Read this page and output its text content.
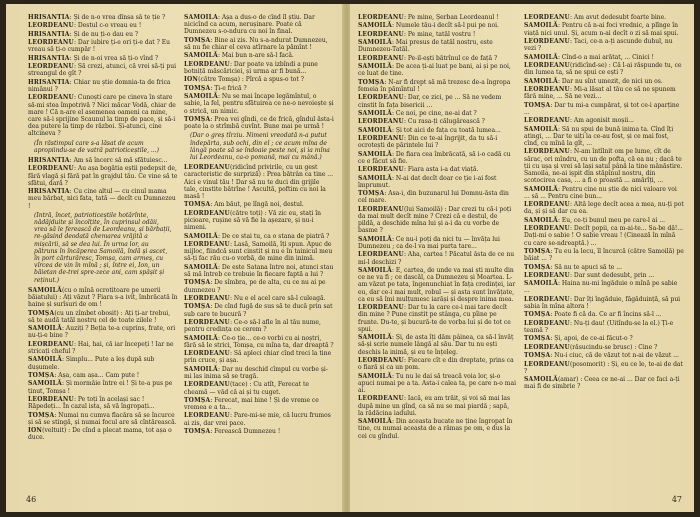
HRISANTIA: Și de n-o vrea dînsa să te ție ?

LEORDEANU: Destul c-o vreau eu !

HRISANTIA: Și de nu ți-o dau eu ?

LEORDEANU: Dar iubire ți-e ori ți-e dat ? Eu vreau să ți-o cumpăr !

HRISANTIA: Și de n-oi vrea să ți-o vînd ?

LEORDEANU: Să crezi, atunci, că vrei să-ți pui streangul de gît ?

HRISANTIA: Chiar nu știe domnia-ta de frica nimănui ?

LEORDEANU: Cunoști care pe cineva în stare să-mi stea împotrivă ? Nici măcar Vodă, chiar de mare ! Că n-are el asemenea oameni ca mine, care să-i sprijine Scaunul la timp de pace, și să-i dea putere la timp de război. Și-atunci, cine altcineva ?

(În răstimpul care s-a lăsat de acum apropiindu-se de vatră patrioticeștile, ...)

HRISANTIA: Am să încerc să mă sfătuiesc...

LEORDEANU: Au așa bogătia eștii pedepsit de, fără vlagă și fără pat în grajdul tău. Ce vine să te sfătui, dară ?

HRISANTIA: Cu cine altul — cu cinul mama meu bărbat, nici fata, tată — decît cu Dumnezeu !

(Intră, încet, patrioticeștile hotărînte, nădăjduite și încolțite, în cuprinsul odăii, vrea să le ferească de Leordeanu, și bărbații, re-găsind deodată chemarea vrăjită a mișcării, să se dea lui. În urma lor, au pătruns în încăperea Samoilă, îndă și ascet, în port cărturăresc, Tomșa, cam armeș, cu vîrcea de vin în mînă ; și, între ei, Ion, un băietan de-trei spre-zece ani, cam spășit și reținut.)

SAMOILĂ(cu o mînă ocrotitoare pe umerii băiatului) : Ați văzut ? Fiara s-a ivit, îmbrăcată în haine și surîsuri de om !

TOMȘA(cu un zîmbet obosit) : Ați ți-ar trebui, să te audă tatăl nostru cel de toate zilele !

SAMOILĂ: Auziți ? Beția te-a cuprins, frate, ori nu-ți-e bine ?

LEORDEANU: Hai, hai, că iar începeți ! Iar ne stricați cheful ?

SAMOILĂ: Simplu... Pute a leș după sub dușumele.

TOMȘA: Așa, cam așa... Cam pute !

SAMOILĂ: Și mormăie între ei ! Și te-a pus pe ținut, Tomșa !

LEORDEANU: Pe toți în același sac ! Răpedeți... În cazul ista, să vă îngropați...

TOMȘA: Numai nu cumva flacăra să se încurce și să se stingă, și numai focul are să cîntărească.

ION(veltuit) : De cînd a plecat mama, tot așa o duce.

SAMOILĂ: Așa a dus-o de cînd îl știu. Dar nicicînd ca acum, nerușinare. Poate că Dumnezeu s-o-ndura cu noi în final.

TOMȘA: Bine ai zis. Nu s-a-ndurat Dumnezeu, să nu fie chiar el ceva atîrnare la pămînt !

SAMOILĂ: Mai bun n-are să-l facă.

LEORDEANU: Dar poate va izbîndi a pune botniță măscăriciei, și urma ar fi bună...

ION(către Tomșa) : Pîrcă a spus-o tot ?

TOMȘA: Ți-e frică ?

SAMOILĂ: Nu se mai încape legămîntul, o sabie, la fel, pentru sfătuirea ce ne-o nevoiește și o strică, un nimic.

TOMȘA: Prea vei gîndi, ce de frică, gîndul ăsta-i poate la o strîmbă cuvînt. Bune mai pe urmă !

(Dar o greș tîrziu. Nimeni vreodată n-a putut îndepărta, sub ochi, din el ; ce acum mîna de lângă poate să se îndoaie peste noi, și ia mîna lui Leordeanu, ca-o pomană, mai cu mână.)

LEORDEANU(ridicînd privirile, cu un gest caracteristic de surpriză) : Prea bătrân ca tine ... Aici e vinul tău ! Dar să nu te duci din grijile tale, cinstite bătrîne ! Ascultă, poftim cu noi la masă !

TOMȘA: Am băut, pe lîngă noi, destul.

LEORDEANU(către toți) : Vă zic eu, stați în picioare, rușine să vă fie la așezare, și nu-i nimeni.

SAMOILĂ: De ce stai tu, ca o stana de piatră ?

LEORDEANU: Lasă, Samoilă, îți spun. Apuc de mijloc, fiindcă sunt cinstit și nu e în tainicul meu să-ți fac rău cu-o vorbă, de mine din inimă.

SAMOILĂ: De este Satana între noi, atunci stau să mă întreb ce trebuie în fiecare faptă a lui ?

TOMȘA: De sîmbra, pe de alta, cu ce nu ai pe dumnezeu ?

LEORDEANU: Nu e el acel care să-l culeagă.

TOMȘA: De cînd fugă de sus să te ducă prin sat sub care te bucură ?

LEORDEANU: Ce-o să-l afle în al tău nume, pentru credința ce cerem ?

SAMOILĂ: Ce-o ție... ce-o vorbi cu ai noștri, fără să le strici, Tomșa, cu mîna ta, dar dreaptă ?

LEORDEANU: Să apleci chiar cînd treci la tine prin cruce, și așa.

SAMOILĂ: Dar nu deschid cîmpul cu vorbe și-mi las inima să se tragă.

LEORDEANU(tace) : Cu atît, Ferecat te cheamă — văd că ai și tu cuget.

TOMȘA: Ferecat, mai bine ! Și de vreme ce vremea e a ta...

LEORDEANU: Pare-mi-se mie, că lucru frumos ai zis, dar vrei pace.

TOMȘA: Ferească Dumnezeu !

46

LEORDEANU: Pe mine, Șerban Leordeanul !

SAMOILĂ: Numele tău-i decît să-l pui pe noi.

LEORDEANU: Pe mine, tatăl vostru !

SAMOILĂ: Mai presus de tatăl nostru, este Dumnezeu-Tatăl.

LEORDEANU: Pe-il-ești bătrînul ce de față ?

SAMOILĂ: De acea ți-ai luat pe bani, ai și pe noi, ce luat de tine.

TOMȘA: N-ar fi drept să mă trezesc de-a îngropa femeia în pămîntul !

LEORDEANU: Dar, ce zici, pe ... Să ne vedem cinstit în fața bisericii ...

SAMOILĂ: Ce noi, pe cine, ne-ai dat ?

LEORDEANU: Cu rasa-ți călugărească ?

SAMOILĂ: Și tot aici de fața cu toată lumea...

LEORDEANU: Din ce te-ai îngrijit, da tu să-i ocrotești de părintele lui ?

SAMOILĂ: De fiara cea îmbrăcată, să i-o cadă cu ce e făcut să fie.

LEORDEANU: Fiara asta i-a dat viață.

SAMOILĂ: N-ai dat decît doar ce ție i-ai fost împrumut.

TOMȘA: Asa-i, din buzunarul lui Domnu-ăsta din cel mare.

LEORDEANU(lui Samoilă) : Dar crezi tu că-i poți da mai mult decît mine ? Crezi că e destul, de pildă, a deschide mîna lui și a-i da cu vorbe de basme ?

SAMOILĂ: Ce nu-i poți da nici tu — învăța lui Dumnezeu ; ca de-l va mai purta tare...

LEORDEANU: Aha, cartea ! Păcatul ăsta de ce nu mi-l deschizi ?

SAMOILĂ: E, cartea, de unde va mai ști multe din ce ne va fi ; ce dascăl, ca Dumnezeu și Moartea. L-am văzut pe tata, îngenunchiat în fața credinței, iar eu, dar ce-i mai mult, robul — și asta sunt învățate, ca eu să îmi mulțumesc iarăși și despre inima mea.

LEORDEANU: Dar tu la care ce-i mai tare decît din mine ? Pune cinstit pe stânga, cu pîine pe frunte. Du-te, și bucură-te de vorba lui și de tot ce spui.

SAMOILĂ: Și, de asta îți dăm pâinea, ca să-l învăț să-și scrie numele lângă al său. Dar tu nu ești deschis la inimă, și eu te înțeleg.

LEORDEANU: Fiecare cît e din dreptate, prins ca o fiară și ca un pom.

SAMOILĂ: Tu nu le dai să treacă voia lor, și-o apuci numai pe a ta. Asta-i calea ta, pe care n-o mai ai.

LEORDEANU: Iacă, eu am trăit, și voi să mai las după mine un gînd, ca să nu se mai piardă ; sapă, la rădăcina iadului.

SAMOILĂ: Din aceasta bucate ne ține îngropat în tine, cu numai aceasta de a rămas pe om, e dus la cei cu gîndul.

LEORDEANU: Am avut dedesubt foarte bine.

SAMOILĂ: Pentru că n-ai foci vrednic, a plînge în viață nici unul. Și, acum n-ai decît o zi să mai spui.

LEORDEANU: Taci, ce-n a-ți ascunde duhul, nu vezi ?

SAMOILĂ: Cînd-o a mai arătat, ... Cinici !

LEORDEANU(ridicînd-se) : Că l-ai răspunde tu, ce din lumea ta, să ne spui ce ești ?

SAMOILĂ: Dar nu sînt umezit, de nici un os.

LEORDEANU: Mi-a lăsat al tău ce să ne spunem fără mine, ... Să ne vezi...

TOMȘA: Dar tu mi-a cumpărat, și tot ce-i aparține ...

LEORDEANU: Am agonisit moșii...

SAMOILĂ: Să nu spui de bună inima ta. Cînd îți atingi, ... Dar te uiți la ce-au fost, și ce mai fost, cînd, cu mînă la gît, ...

LEORDEANU: N-am întîlnit om pe lume, cît de sărac, ori mîndru, cu un de pofta, că ea nu ; dacă te ții cu ușa și vrei să lași satul până la tine mănăstire. Samoila, ne-ai ișpit din stăpînul nostru, din scotocirea casa, ... a fi o proastă ... amărîți, ...

SAMOILĂ: Pentru cine nu știe de nici valoare voi ... să ... Pentru cine bun...

LEORDEANU: Altă lege decît acea a mea, nu-ți pot da, și și să dar cu ea.

SAMOILĂ: Eu, ce-ți bunul meu pe care-l ai ...

LEORDEANU: Decît popii, ca m-ai-te... Sa-be dă!... Dați-mi o sabie ! O sabie vreau ! (Cinează în mînă cu care se-ndreaptă.) ...

TOMȘA: Tu eu la lecu, îl încurcă (către Samoilă) pe băiat ... ?

TOMȘA: Să nu te apuci să te ...

LEORDEANU: Dar sunt dedesubt, prin ...

SAMOILĂ: Haina nu-mi îngăduie o mînă pe sabie ...

LEORDEANU: Dar îți îngăduie, făgăduință, să pui sabia în mîna altora !

TOMȘA: Poate fi că da. Ce ar fi încins să-l ...

LEORDEANU: Nu-ți dau! (Uitîndu-se la el.) Ți-e teamă ?

TOMȘA: Și, apoi, de ce-ai făcut-o ?

LEORDEANU(răsucindu-se brusc) : Cine ?

TOMȘA: Nu-i ciuc, că de văzut tot n-ai de văzut ...

LEORDEANU(posomorit) : Și, eu ce le, te-ai de dat ?

SAMOILĂ(amar) : Ceea ce ne-ai ... Dar ce faci a-ți mai fi de simbrie ?

47
